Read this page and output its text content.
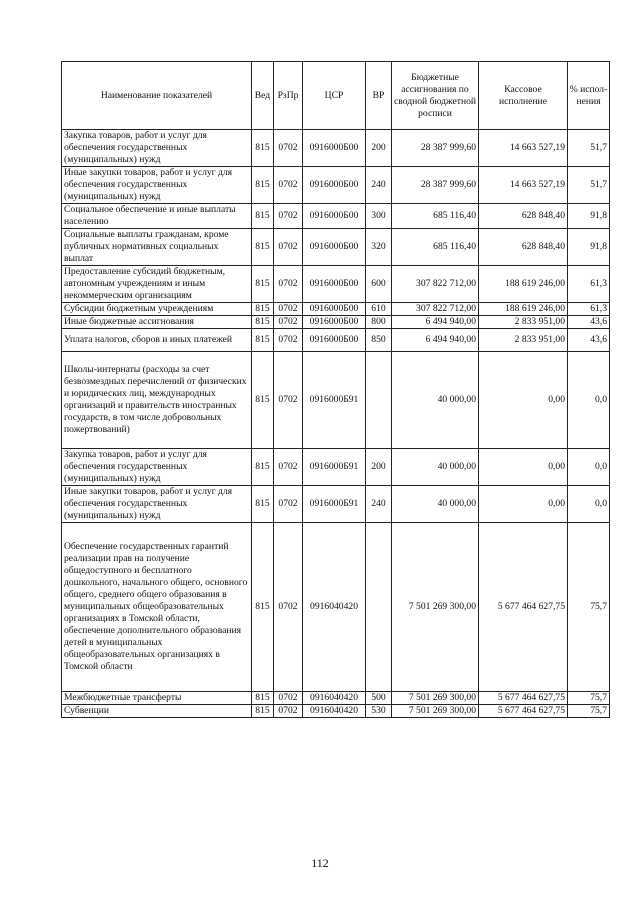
Наименование показателей	Вед	РзПр	ЦСР	ВР	Бюджетные ассигнования по сводной бюджетной росписи	Кассовое исполнение	% испол-нения
Закупка товаров, работ и услуг для обеспечения государственных (муниципальных) нужд	815	0702	0916000Б00	200	28 387 999,60	14 663 527,19	51,7
Иные закупки товаров, работ и услуг для обеспечения государственных (муниципальных) нужд	815	0702	0916000Б00	240	28 387 999,60	14 663 527,19	51,7
Социальное обеспечение и иные выплаты населению	815	0702	0916000Б00	300	685 116,40	628 848,40	91,8
Социальные выплаты гражданам, кроме публичных нормативных социальных выплат	815	0702	0916000Б00	320	685 116,40	628 848,40	91,8
Предоставление субсидий бюджетным, автономным учреждениям и иным некоммерческим организациям	815	0702	0916000Б00	600	307 822 712,00	188 619 246,00	61,3
Субсидии бюджетным учреждениям	815	0702	0916000Б00	610	307 822 712,00	188 619 246,00	61,3
Иные бюджетные ассигнования	815	0702	0916000Б00	800	6 494 940,00	2 833 951,00	43,6
Уплата налогов, сборов и иных платежей	815	0702	0916000Б00	850	6 494 940,00	2 833 951,00	43,6
Школы-интернаты (расходы за счет безвозмездных перечислений от физических и юридических лиц, международных организаций и правительств иностранных государств, в том числе добровольных пожертвований)	815	0702	0916000Б91		40 000,00	0,00	0,0
Закупка товаров, работ и услуг для обеспечения государственных (муниципальных) нужд	815	0702	0916000Б91	200	40 000,00	0,00	0,0
Иные закупки товаров, работ и услуг для обеспечения государственных (муниципальных) нужд	815	0702	0916000Б91	240	40 000,00	0,00	0,0
Обеспечение государственных гарантий реализации прав на получение общедоступного и бесплатного дошкольного, начального общего, основного общего, среднего общего образования в муниципальных общеобразовательных организациях в Томской области, обеспечение дополнительного образования детей в муниципальных общеобразовательных организациях в Томской области	815	0702	0916040420		7 501 269 300,00	5 677 464 627,75	75,7
Межбюджетные трансферты	815	0702	0916040420	500	7 501 269 300,00	5 677 464 627,75	75,7
Субвенции	815	0702	0916040420	530	7 501 269 300,00	5 677 464 627,75	75,7
112
